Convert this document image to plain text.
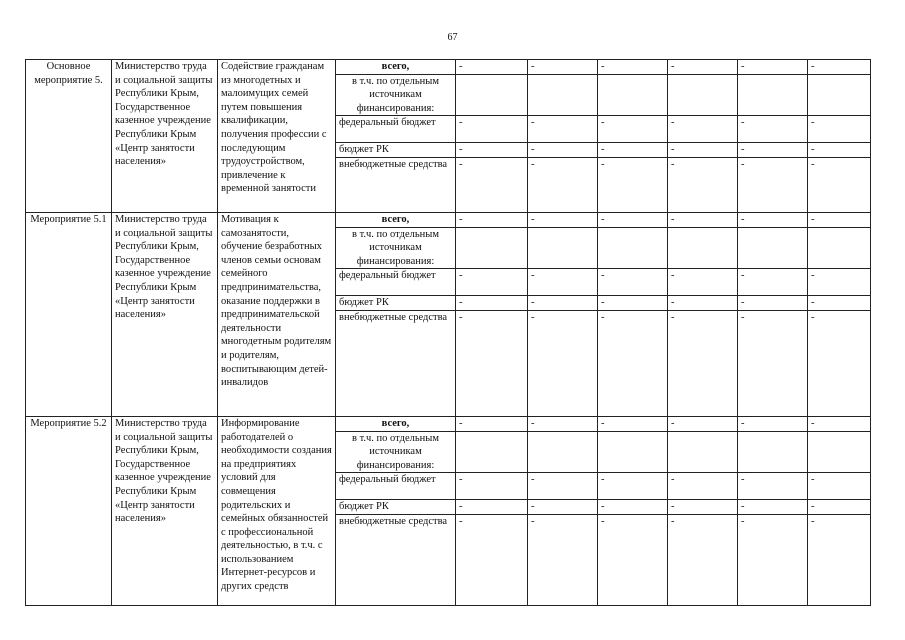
67
Основное мероприятие 5.	Министерство труда и социальной защиты Республики Крым, Государственное казенное учреждение Республики Крым «Центр занятости населения»	Содействие гражданам из многодетных и малоимущих семей путем повышения квалификации, получения профессии с последующим трудоустройством, привлечение к временной занятости	всего,	-	-	-	-	-	-
			в т.ч. по отдельным источникам финансирования:						
			федеральный бюджет	-	-	-	-	-	-
			бюджет РК	-	-	-	-	-	-
			внебюджетные средства	-	-	-	-	-	-
Мероприятие 5.1	Министерство труда и социальной защиты Республики Крым, Государственное казенное учреждение Республики Крым «Центр занятости населения»	Мотивация к самозанятости, обучение безработных членов семьи основам семейного предпринимательства, оказание поддержки в предпринимательской деятельности многодетным родителям и родителям, воспитывающим детей-инвалидов	всего,	-	-	-	-	-	-
			в т.ч. по отдельным источникам финансирования:						
			федеральный бюджет	-	-	-	-	-	-
			бюджет РК	-	-	-	-	-	-
			внебюджетные средства	-	-	-	-	-	-
Мероприятие 5.2	Министерство труда и социальной защиты Республики Крым, Государственное казенное учреждение Республики Крым «Центр занятости населения»	Информирование работодателей о необходимости создания на предприятиях условий для совмещения родительских и семейных обязанностей с профессиональной деятельностью, в т.ч. с использованием Интернет-ресурсов и других средств	всего,	-	-	-	-	-	-
			в т.ч. по отдельным источникам финансирования:						
			федеральный бюджет	-	-	-	-	-	-
			бюджет РК	-	-	-	-	-	-
			внебюджетные средства	-	-	-	-	-	-
